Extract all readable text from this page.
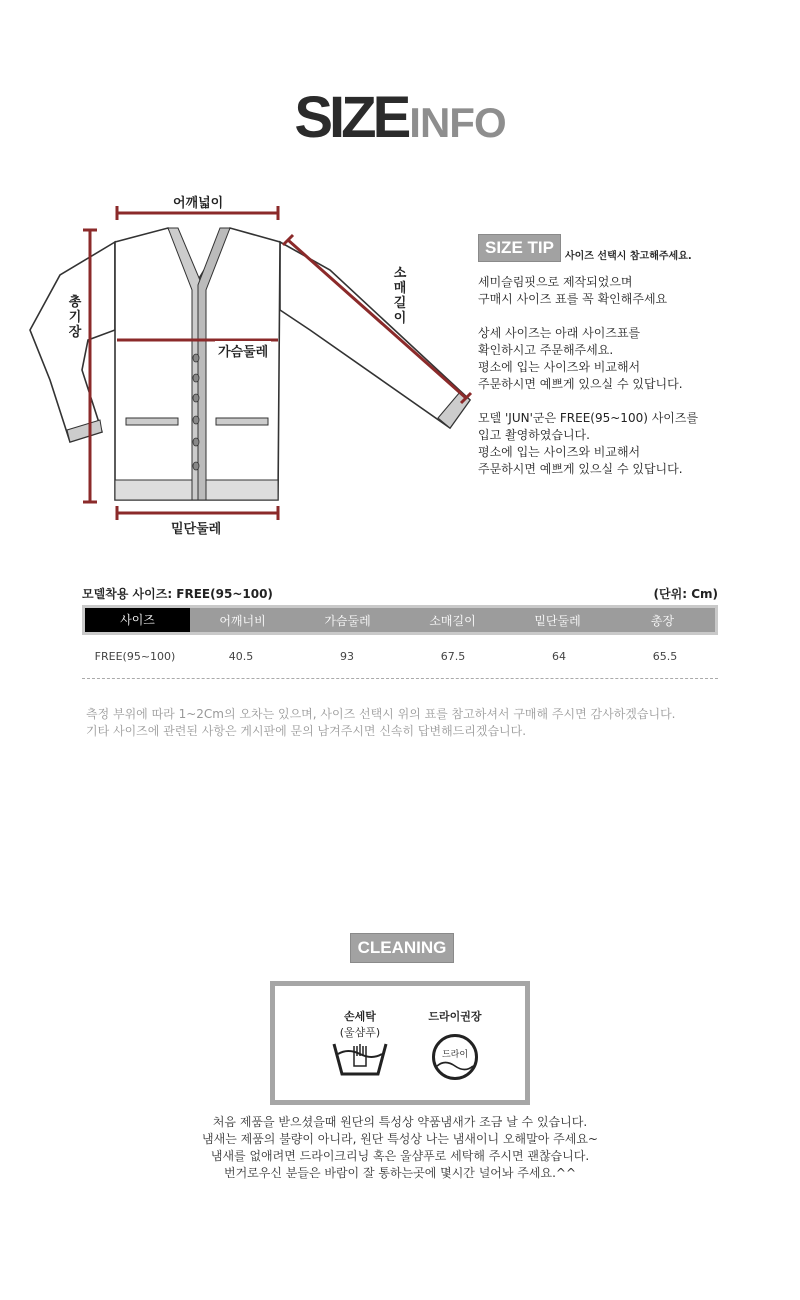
SIZEINFO
어깨넓이
소매길이
총기장
가슴둘레
밑단둘레
SIZE TIP 사이즈 선택시 참고해주세요.

세미슬림핏으로 제작되었으며
구매시 사이즈 표를 꼭 확인해주세요

상세 사이즈는 아래 사이즈표를
확인하시고 주문해주세요.
평소에 입는 사이즈와 비교해서
주문하시면 예쁘게 있으실 수 있답니다.

모델 'JUN'군은 FREE(95~100) 사이즈를
입고 촬영하였습니다.
평소에 입는 사이즈와 비교해서
주문하시면 예쁘게 있으실 수 있답니다.

모델착용 사이즈: FREE(95~100)	(단위: Cm)
사이즈	어깨너비	가슴둘레	소매길이	밑단둘레	총장
FREE(95~100)	40.5	93	67.5	64	65.5
측정 부위에 따라 1~2Cm의 오차는 있으며, 사이즈 선택시 위의 표를 참고하셔서 구매해 주시면 감사하겠습니다.
기타 사이즈에 관련된 사항은 게시판에 문의 남겨주시면 신속히 답변해드리겠습니다.
CLEANING
손세탁
(울샴푸)
드라이권장
드라이
처음 제품을 받으셨을때 원단의 특성상 약품냄새가 조금 날 수 있습니다.
냄새는 제품의 불량이 아니라, 원단 특성상 나는 냄새이니 오해말아 주세요~
냄새를 없애려면 드라이크리닝 혹은 울샴푸로 세탁해 주시면 괜찮습니다.
번거로우신 분들은 바람이 잘 통하는곳에 몇시간 널어놔 주세요.^^
